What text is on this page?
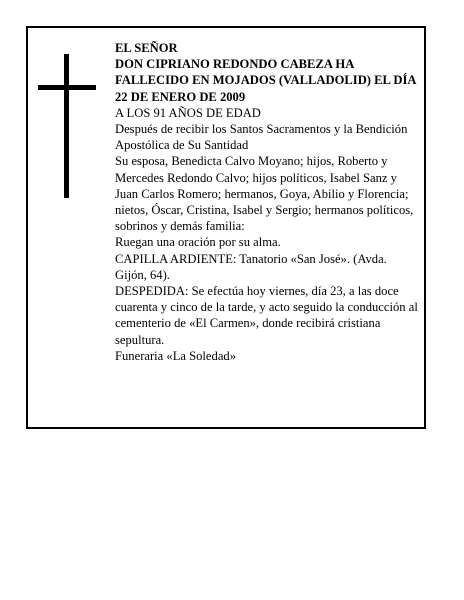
EL SEÑOR

DON CIPRIANO REDONDO CABEZA HA FALLECIDO EN MOJADOS (VALLADOLID) EL DÍA 22 DE ENERO DE 2009

A LOS 91 AÑOS DE EDAD

Después de recibir los Santos Sacramentos y la Bendición Apostólica de Su Santidad

Su esposa, Benedicta Calvo Moyano; hijos, Roberto y Mercedes Redondo Calvo; hijos políticos, Isabel Sanz y Juan Carlos Romero; hermanos, Goya, Abilio y Florencia; nietos, Óscar, Cristina, Isabel y Sergio; hermanos políticos, sobrinos y demás familia:

Ruegan una oración por su alma.

CAPILLA ARDIENTE: Tanatorio «San José». (Avda. Gijón, 64).

DESPEDIDA: Se efectúa hoy viernes, día 23, a las doce cuarenta y cinco de la tarde, y acto seguido la conducción al cementerio de «El Carmen», donde recibirá cristiana sepultura.

Funeraria «La Soledad»
